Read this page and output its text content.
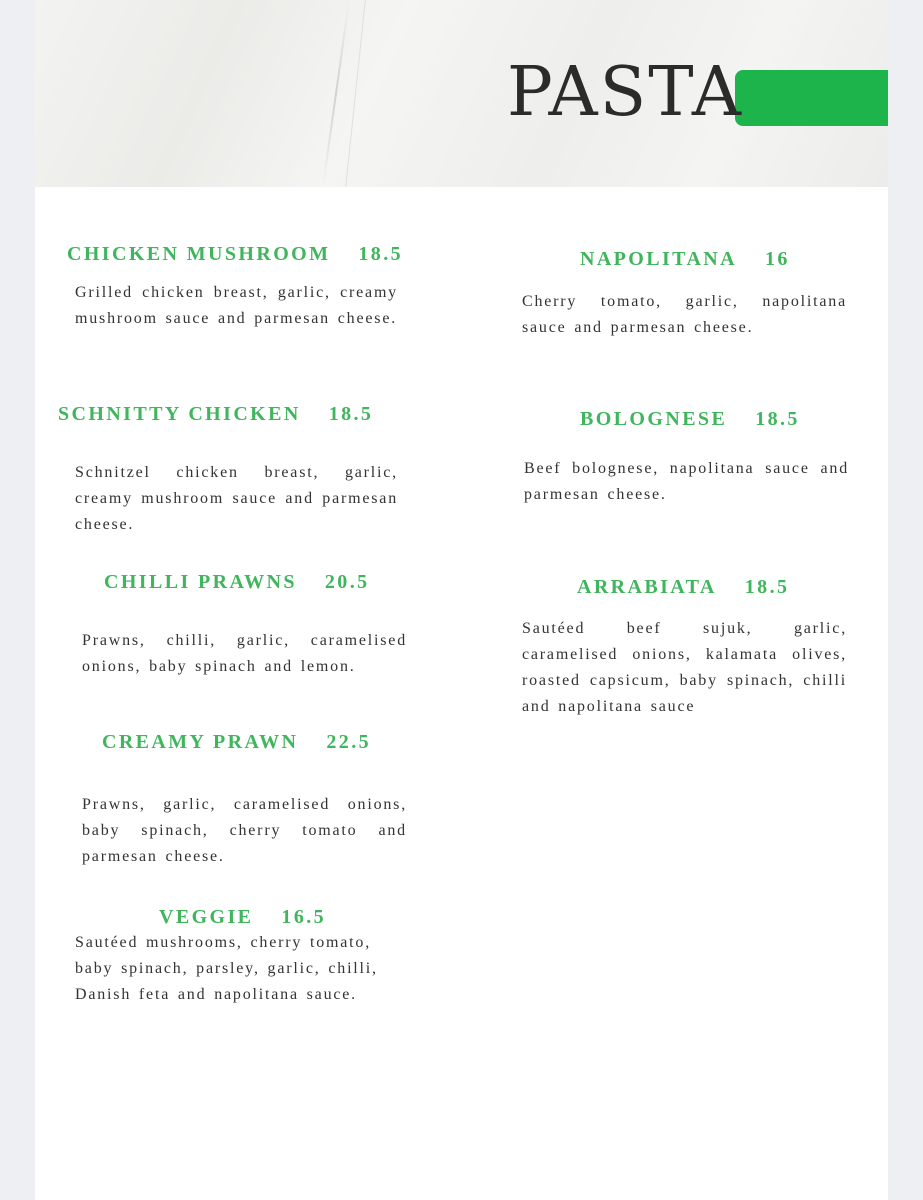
PASTA
CHICKEN MUSHROOM 18.5

Grilled chicken breast, garlic, creamy mushroom sauce and parmesan cheese.

SCHNITTY CHICKEN 18.5

Schnitzel chicken breast, garlic, creamy mushroom sauce and parmesan cheese.

CHILLI PRAWNS 20.5

Prawns, chilli, garlic, caramelised onions, baby spinach and lemon.

CREAMY PRAWN 22.5

Prawns, garlic, caramelised onions, baby spinach, cherry tomato and parmesan cheese.

VEGGIE 16.5

Sautéed mushrooms, cherry tomato, baby spinach, parsley, garlic, chilli, Danish feta and napolitana sauce.

NAPOLITANA 16

Cherry tomato, garlic, napolitana sauce and parmesan cheese.

BOLOGNESE 18.5

Beef bolognese, napolitana sauce and parmesan cheese.

ARRABIATA 18.5

Sautéed beef sujuk, garlic, caramelised onions, kalamata olives, roasted capsicum, baby spinach, chilli and napolitana sauce
